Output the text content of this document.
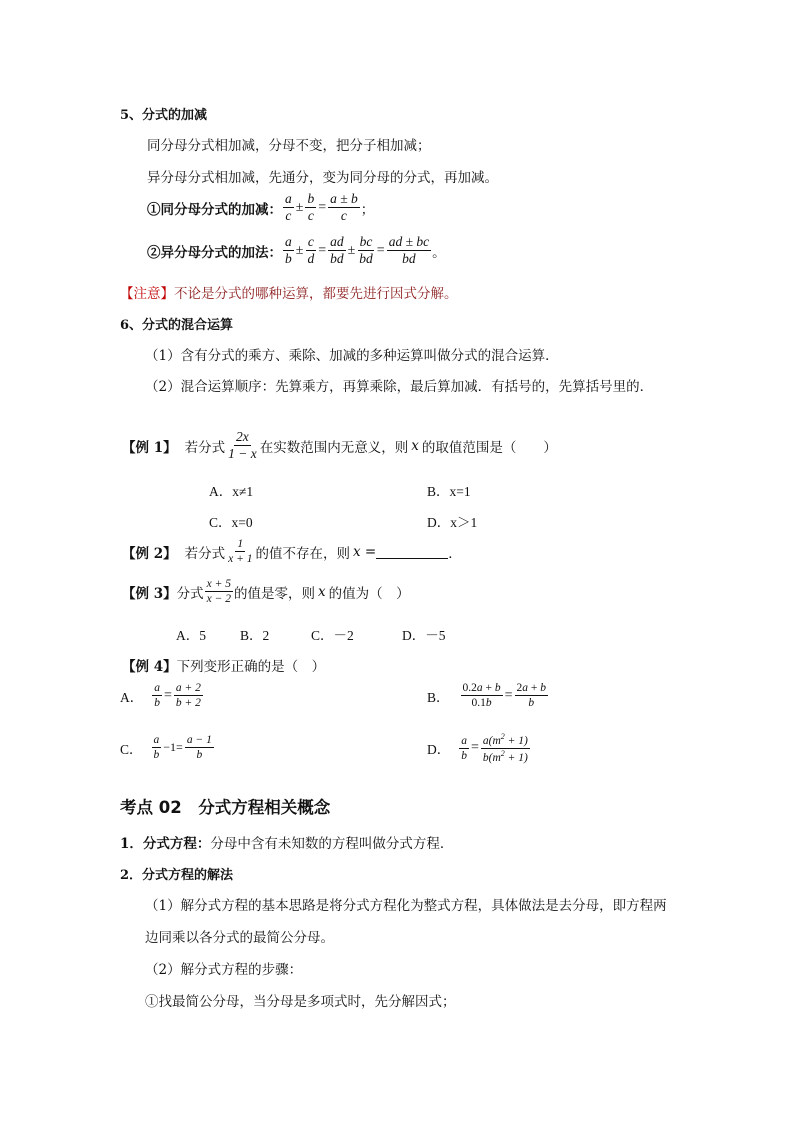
5、分式的加减
同分母分式相加减，分母不变，把分子相加减；
异分母分式相加减，先通分，变为同分母的分式，再加减。
①同分母分式的加减： $\frac{a}{c} \pm \frac{b}{c} = \frac{a \pm b}{c}$ ；
②异分母分式的加法： $\frac{a}{b} \pm \frac{c}{d} = \frac{ad}{bd} \pm \frac{bc}{bd} = \frac{ad \pm bc}{bd}$ 。
【注意】不论是分式的哪种运算，都要先进行因式分解。
6、分式的混合运算
（1）含有分式的乘方、乘除、加减的多种运算叫做分式的混合运算．
（2）混合运算顺序：先算乘方，再算乘除，最后算加减．有括号的，先算括号里的．
【例 1】 若分式 $\frac{2x}{1 - x}$ 在实数范围内无意义，则 x 的取值范围是（　　）
A．x≠1	B．x=1
C．x=0	D．x＞1
【例 2】 若分式 $\frac{1}{x + 1}$ 的值不存在，则 x =	．
【例 3】 分式 $\frac{x + 5}{x - 2}$ 的值是零，则 x 的值为（　）
A．5	B．2	C．－2	D．－5
【例 4】 下列变形正确的是（　）
A． $\frac{a}{b} = \frac{a + 2}{b + 2}$	B． $\frac{0.2a + b}{0.1b} = \frac{2a + b}{b}$
C． $\frac{a}{b} -1= \frac{a - 1}{b}$	D． $\frac{a}{b} = \frac{a(m^2 + 1)}{b(m^2 + 1)}$
考点 02　分式方程相关概念
1．分式方程：分母中含有未知数的方程叫做分式方程．
2．分式方程的解法
（1）解分式方程的基本思路是将分式方程化为整式方程，具体做法是去分母，即方程两
边同乘以各分式的最简公分母。
（2）解分式方程的步骤：
①找最简公分母，当分母是多项式时，先分解因式；
